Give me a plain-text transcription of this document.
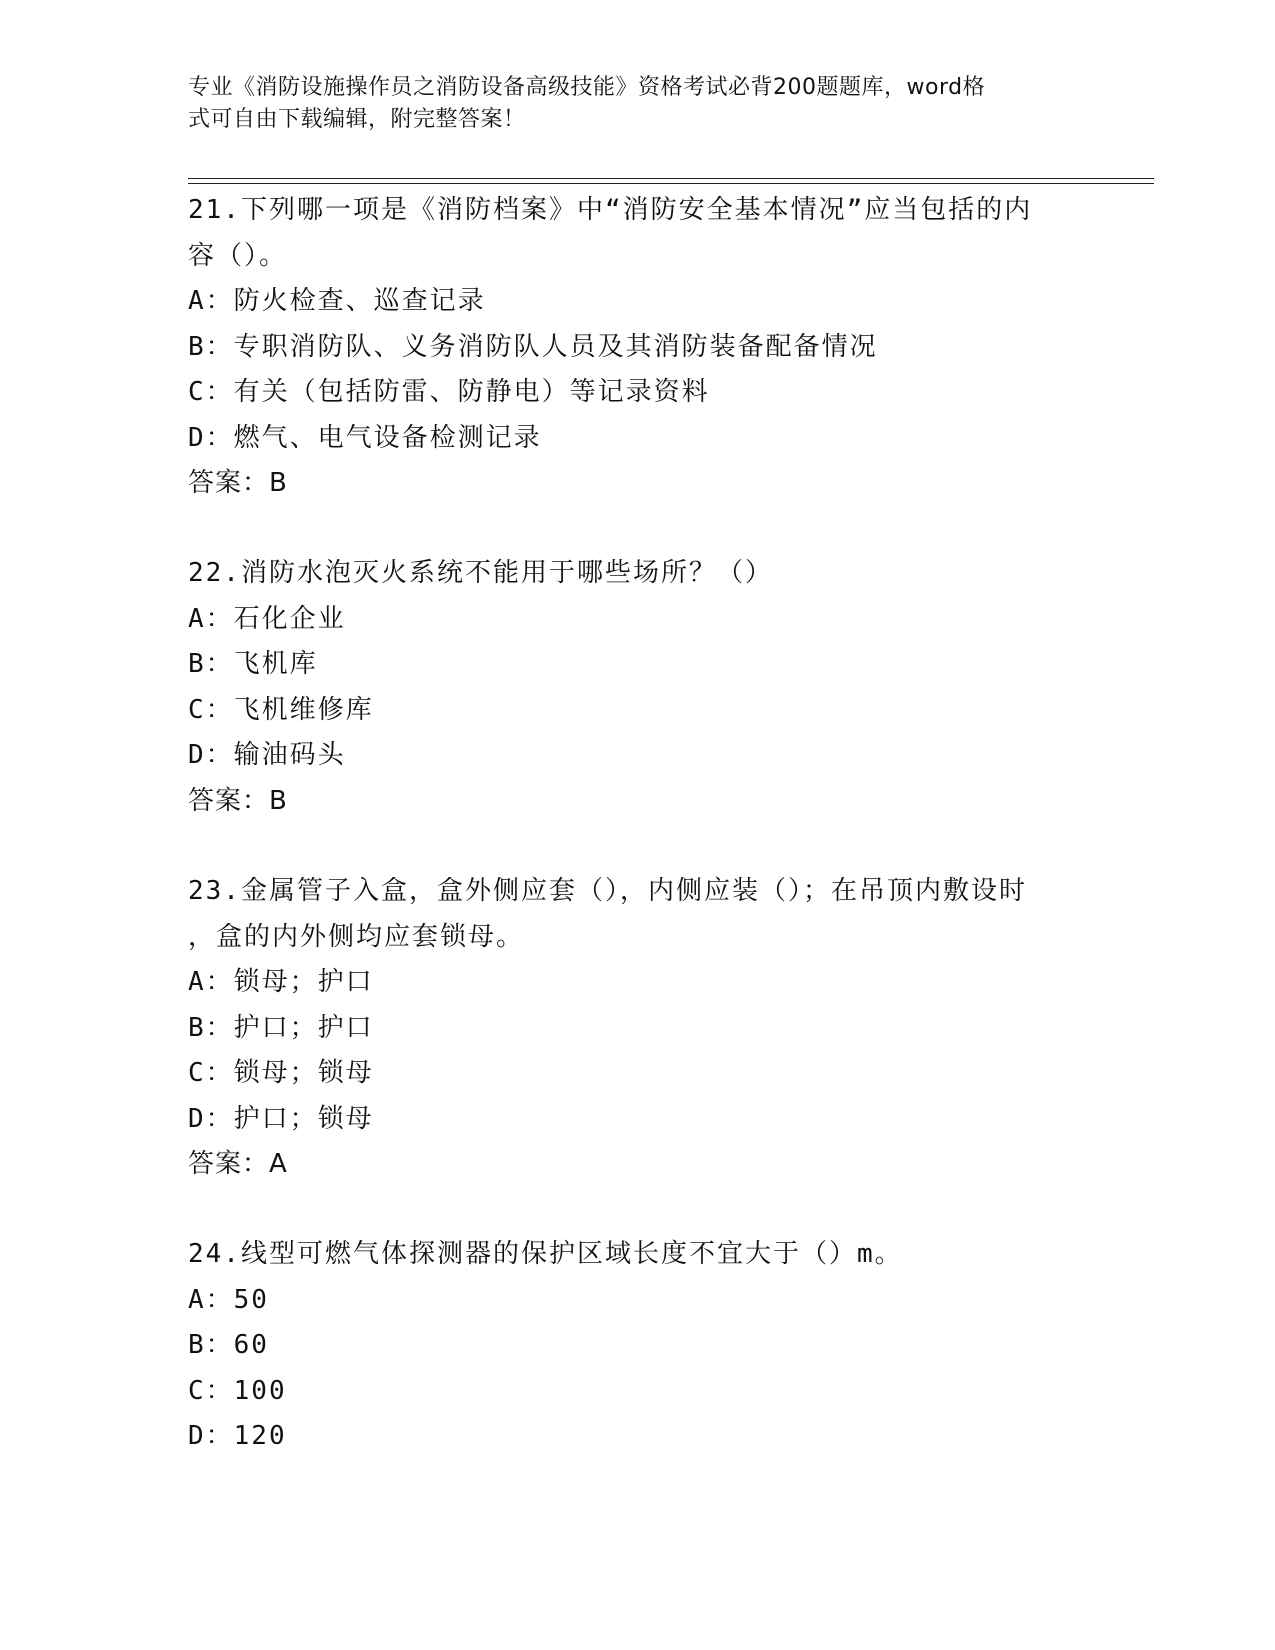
专业《消防设施操作员之消防设备高级技能》资格考试必背200题题库，word格
式可自由下载编辑，附完整答案！
21.下列哪一项是《消防档案》中“消防安全基本情况”应当包括的内
容（）。
A：防火检查、巡查记录
B：专职消防队、义务消防队人员及其消防装备配备情况
C：有关（包括防雷、防静电）等记录资料
D：燃气、电气设备检测记录
答案：B
22.消防水泡灭火系统不能用于哪些场所？（）
A：石化企业
B：飞机库
C：飞机维修库
D：输油码头
答案：B
23.金属管子入盒，盒外侧应套（），内侧应装（）；在吊顶内敷设时
，盒的内外侧均应套锁母。
A：锁母；护口
B：护口；护口
C：锁母；锁母
D：护口；锁母
答案：A
24.线型可燃气体探测器的保护区域长度不宜大于（）m。
A：50
B：60
C：100
D：120
